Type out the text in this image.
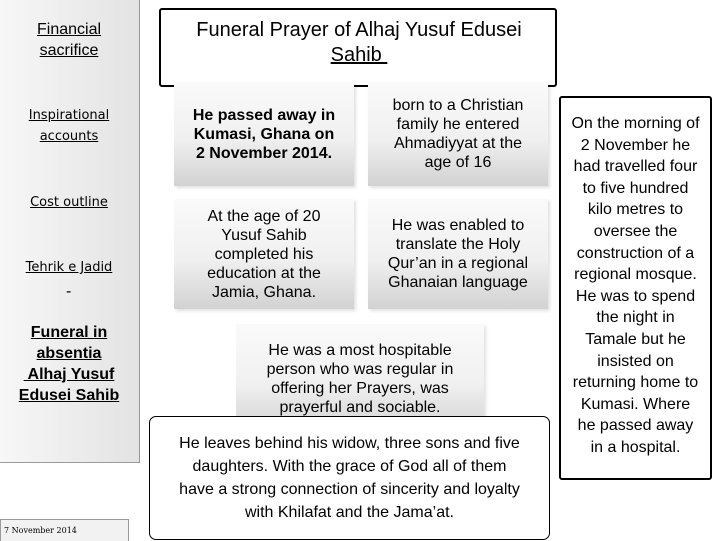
Financial
sacrifice
Inspirational
accounts
Cost outline
Tehrik e Jadid
-
Funeral in
absentia
Alhaj Yusuf
Edusei Sahib
7 November 2014
Funeral Prayer of Alhaj Yusuf Edusei
Sahib
He passed away in
Kumasi, Ghana on
2 November 2014.
born to a Christian
family he entered
Ahmadiyyat at the
age of 16
At the age of 20
Yusuf Sahib
completed his
education at the
Jamia, Ghana.
He was enabled to
translate the Holy
Qur’an in a regional
Ghanaian language
He was a most hospitable
person who was regular in
offering her Prayers, was
prayerful and sociable.
He leaves behind his widow, three sons and five
daughters. With the grace of God all of them
have a strong connection of sincerity and loyalty
with Khilafat and the Jama’at.
On the morning of
2 November he
had travelled four
to five hundred
kilo metres to
oversee the
construction of a
regional mosque.
He was to spend
the night in
Tamale but he
insisted on
returning home to
Kumasi. Where
he passed away
in a hospital.
